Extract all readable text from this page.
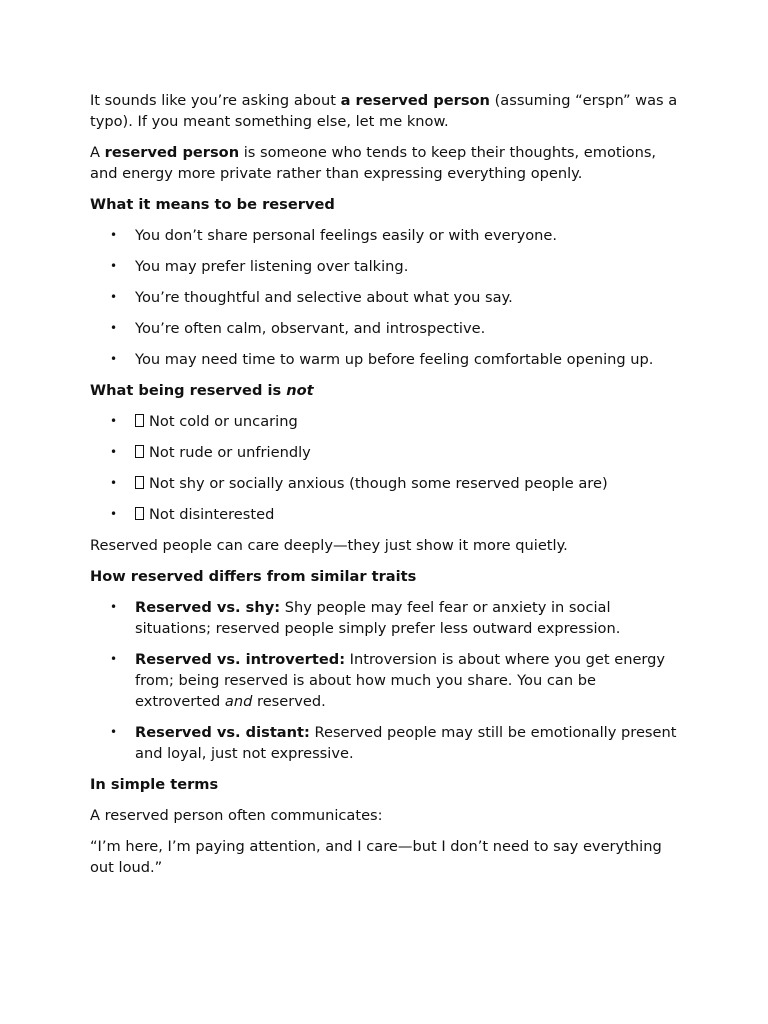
It sounds like you’re asking about a reserved person (assuming “erspn” was a typo). If you meant something else, let me know.

A reserved person is someone who tends to keep their thoughts, emotions, and energy more private rather than expressing everything openly.

What it means to be reserved
• You don’t share personal feelings easily or with everyone.
• You may prefer listening over talking.
• You’re thoughtful and selective about what you say.
• You’re often calm, observant, and introspective.
• You may need time to warm up before feeling comfortable opening up.
What being reserved is not
• Not cold or uncaring
• Not rude or unfriendly
• Not shy or socially anxious (though some reserved people are)
• Not disinterested

Reserved people can care deeply—they just show it more quietly.

How reserved differs from similar traits
• Reserved vs. shy: Shy people may feel fear or anxiety in social situations; reserved people simply prefer less outward expression.
• Reserved vs. introverted: Introversion is about where you get energy from; being reserved is about how much you share. You can be extroverted and reserved.
• Reserved vs. distant: Reserved people may still be emotionally present and loyal, just not expressive.
In simple terms

A reserved person often communicates:

“I’m here, I’m paying attention, and I care—but I don’t need to say everything out loud.”
